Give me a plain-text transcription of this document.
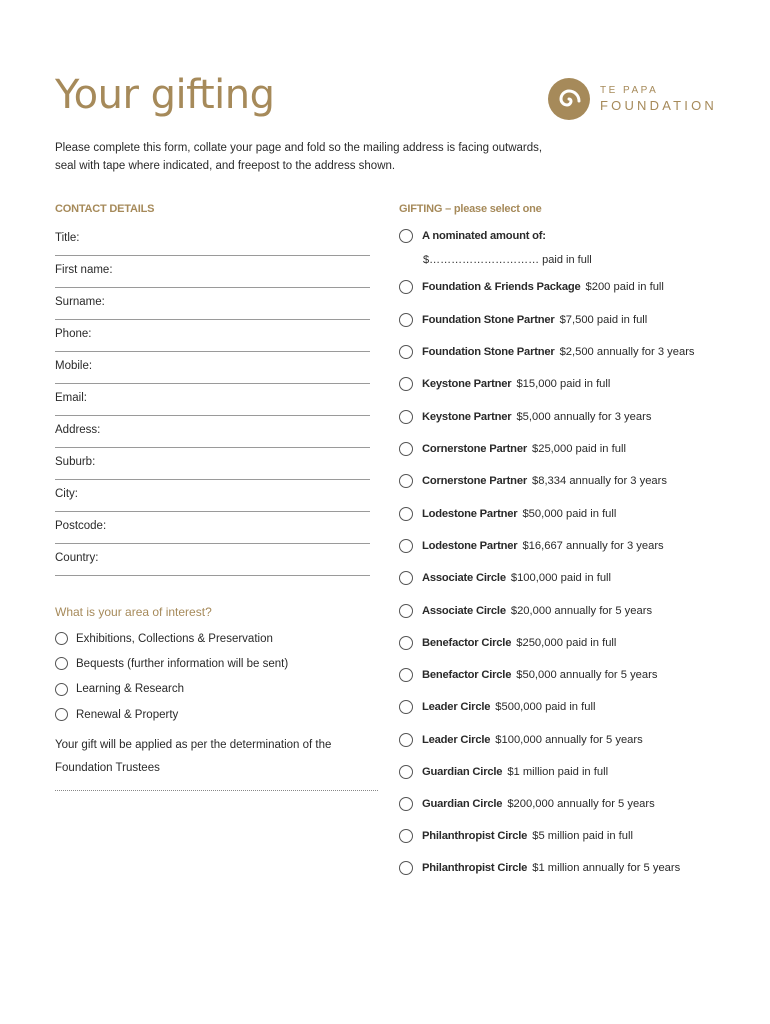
Your gifting	TE PAPA
FOUNDATION
Please complete this form, collate your page and fold so the mailing address is facing outwards,
seal with tape where indicated, and freepost to the address shown.
CONTACT DETAILS	GIFTING – please select one
Title:
First name:
Surname:
Phone:
Mobile:
Email:
Address:
Suburb:
City:
Postcode:
Country:
What is your area of interest?
Exhibitions, Collections & Preservation
Bequests (further information will be sent)
Learning & Research
Renewal & Property
Your gift will be applied as per the determination of the
Foundation Trustees
A nominated amount of:
Foundation & Friends Package $200 paid in full
Foundation Stone Partner $7,500 paid in full
Foundation Stone Partner $2,500 annually for 3 years
Keystone Partner $15,000 paid in full
Keystone Partner $5,000 annually for 3 years
Cornerstone Partner $25,000 paid in full
Cornerstone Partner $8,334 annually for 3 years
Lodestone Partner $50,000 paid in full
Lodestone Partner $16,667 annually for 3 years
Associate Circle $100,000 paid in full
Associate Circle $20,000 annually for 5 years
Benefactor Circle $250,000 paid in full
Benefactor Circle $50,000 annually for 5 years
Leader Circle $500,000 paid in full
Leader Circle $100,000 annually for 5 years
Guardian Circle $1 million paid in full
Guardian Circle $200,000 annually for 5 years
Philanthropist Circle $5 million paid in full
Philanthropist Circle $1 million annually for 5 years
$………………………… paid in full
